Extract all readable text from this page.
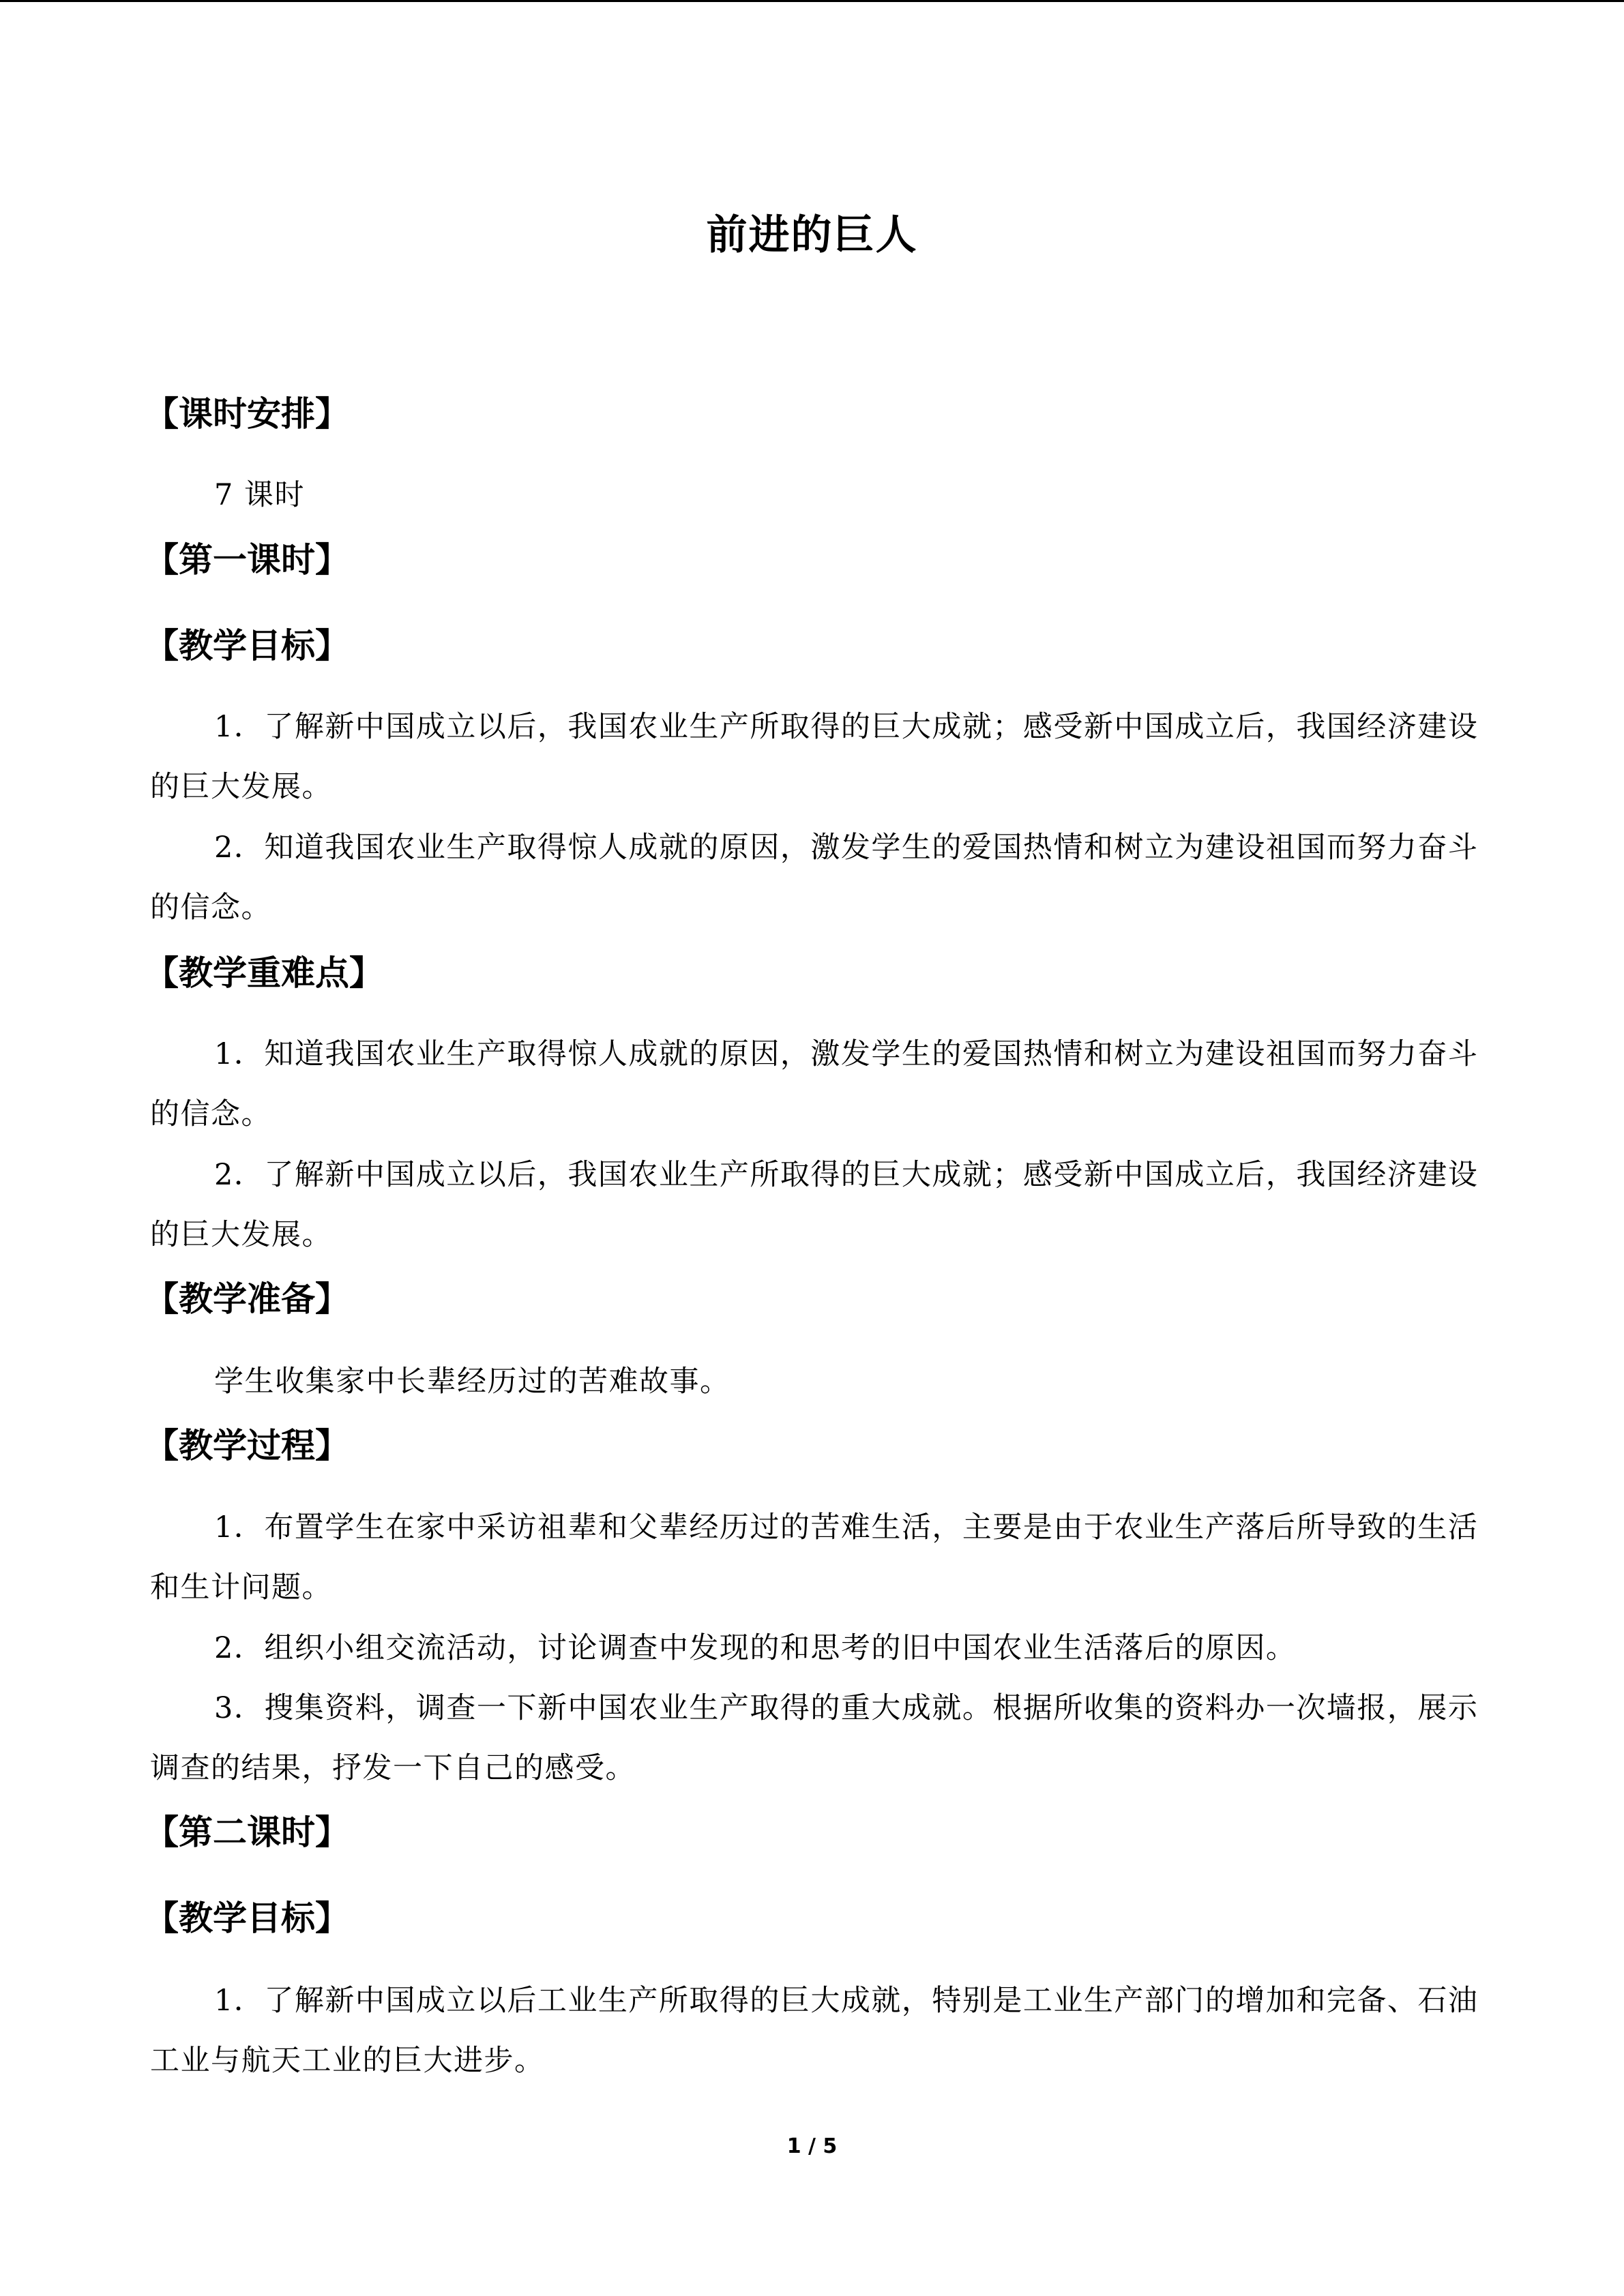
前进的巨人
【课时安排】

7 课时

【第一课时】
【教学目标】

1．了解新中国成立以后，我国农业生产所取得的巨大成就；感受新中国成立后，我国经济建设的巨大发展。

2．知道我国农业生产取得惊人成就的原因，激发学生的爱国热情和树立为建设祖国而努力奋斗的信念。

【教学重难点】

1．知道我国农业生产取得惊人成就的原因，激发学生的爱国热情和树立为建设祖国而努力奋斗的信念。

2．了解新中国成立以后，我国农业生产所取得的巨大成就；感受新中国成立后，我国经济建设的巨大发展。

【教学准备】

学生收集家中长辈经历过的苦难故事。

【教学过程】

1．布置学生在家中采访祖辈和父辈经历过的苦难生活，主要是由于农业生产落后所导致的生活和生计问题。

2．组织小组交流活动，讨论调查中发现的和思考的旧中国农业生活落后的原因。

3．搜集资料，调查一下新中国农业生产取得的重大成就。根据所收集的资料办一次墙报，展示调查的结果，抒发一下自己的感受。

【第二课时】
【教学目标】

1．了解新中国成立以后工业生产所取得的巨大成就，特别是工业生产部门的增加和完备、石油工业与航天工业的巨大进步。

1 / 5
